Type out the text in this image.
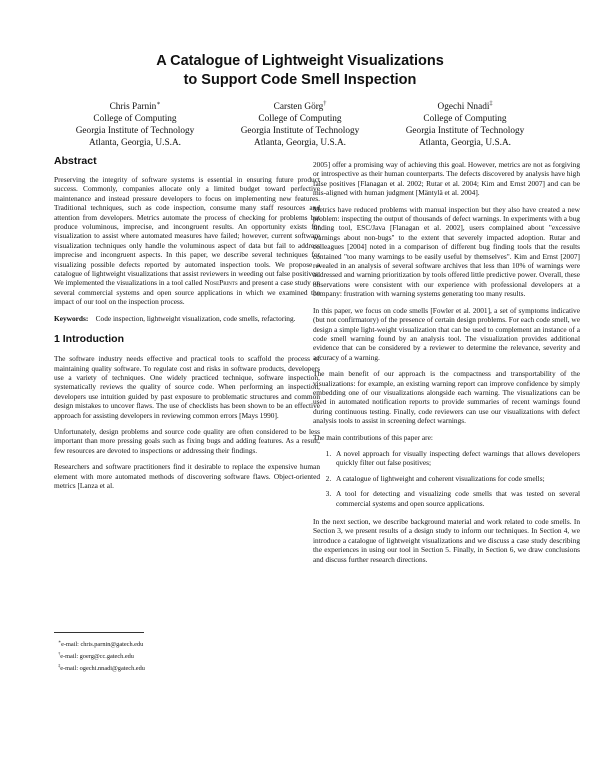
A Catalogue of Lightweight Visualizations
to Support Code Smell Inspection
Chris Parnin∗
College of Computing
Georgia Institute of Technology
Atlanta, Georgia, U.S.A.
Carsten Görg†
College of Computing
Georgia Institute of Technology
Atlanta, Georgia, U.S.A.
Ogechi Nnadi‡
College of Computing
Georgia Institute of Technology
Atlanta, Georgia, U.S.A.
Abstract

Preserving the integrity of software systems is essential in ensuring future product success. Commonly, companies allocate only a limited budget toward perfective maintenance and instead pressure developers to focus on implementing new features. Traditional techniques, such as code inspection, consume many staff resources and attention from developers. Metrics automate the process of checking for problems but produce voluminous, imprecise, and incongruent results. An opportunity exists for visualization to assist where automated measures have failed; however, current software visualization techniques only handle the voluminous aspect of data but fail to address imprecise and incongruent aspects. In this paper, we describe several techniques for visualizing possible defects reported by automated inspection tools. We propose a catalogue of lightweight visualizations that assist reviewers in weeding out false positives. We implemented the visualizations in a tool called NosePrints and present a case study on several commercial systems and open source applications in which we examined the impact of our tool on the inspection process.

Keywords: Code inspection, lightweight visualization, code smells, refactoring.

1 Introduction

The software industry needs effective and practical tools to scaffold the process of maintaining quality software. To regulate cost and risks in software products, developers use a variety of techniques. One widely practiced technique, software inspection, systematically reviews the quality of source code. When performing an inspection, developers use intuition guided by past exposure to problematic structures and common design mistakes to uncover flaws. The use of checklists has been shown to be an effective approach for assisting developers in reviewing common errors [Mays 1990].

Unfortunately, design problems and source code quality are often considered to be less important than more pressing goals such as fixing bugs and adding features. As a result, few resources are devoted to inspections or addressing their findings.

Researchers and software practitioners find it desirable to replace the expensive human element with more automated methods of discovering software flaws. Object-oriented metrics [Lanza et al.

∗e-mail: chris.parnin@gatech.edu
†e-mail: goerg@cc.gatech.edu
‡e-mail: ogechi.nnadi@gatech.edu

2005] offer a promising way of achieving this goal. However, metrics are not as forgiving or introspective as their human counterparts. The defects discovered by analysis have high false positives [Flanagan et al. 2002; Rutar et al. 2004; Kim and Ernst 2007] and can be mis-aligned with human judgment [Mäntylä et al. 2004].

Metrics have reduced problems with manual inspection but they also have created a new problem: inspecting the output of thousands of defect warnings. In experiments with a bug finding tool, ESC/Java [Flanagan et al. 2002], users complained about "excessive warnings about non-bugs" to the extent that severely impacted adoption. Rutar and colleagues [2004] noted in a comparison of different bug finding tools that the results contained "too many warnings to be easily useful by themselves". Kim and Ernst [2007] revealed in an analysis of several software archives that less than 10% of warnings were addressed and warning prioritization by tools offered little predictive power. Overall, these observations were consistent with our experience with professional developers at a company: frustration with warning systems generating too many results.

In this paper, we focus on code smells [Fowler et al. 2001], a set of symptoms indicative (but not confirmatory) of the presence of certain design problems. For each code smell, we design a simple light-weight visualization that can be used to complement an instance of a code smell warning found by an analysis tool. The visualization provides additional evidence that can be considered by a reviewer to determine the relevance, severity and accuracy of a warning.

The main benefit of our approach is the compactness and transportability of the visualizations: for example, an existing warning report can improve confidence by simply embedding one of our visualizations alongside each warning. The visualizations can be used in automated notification reports to provide summaries of recent warnings found during continuous testing. Finally, code reviewers can use our visualizations with defect analysis tools to assist in screening defect warnings.

The main contributions of this paper are:

1. A novel approach for visually inspecting defect warnings that allows developers quickly filter out false positives;
2. A catalogue of lightweight and coherent visualizations for code smells;
3. A tool for detecting and visualizing code smells that was tested on several commercial systems and open source applications.

In the next section, we describe background material and work related to code smells. In Section 3, we present results of a design study to inform our techniques. In Section 4, we introduce a catalogue of lightweight visualizations and we discuss a case study describing the experiences in using our tool in Section 5. Finally, in Section 6, we draw conclusions and discuss further research directions.
